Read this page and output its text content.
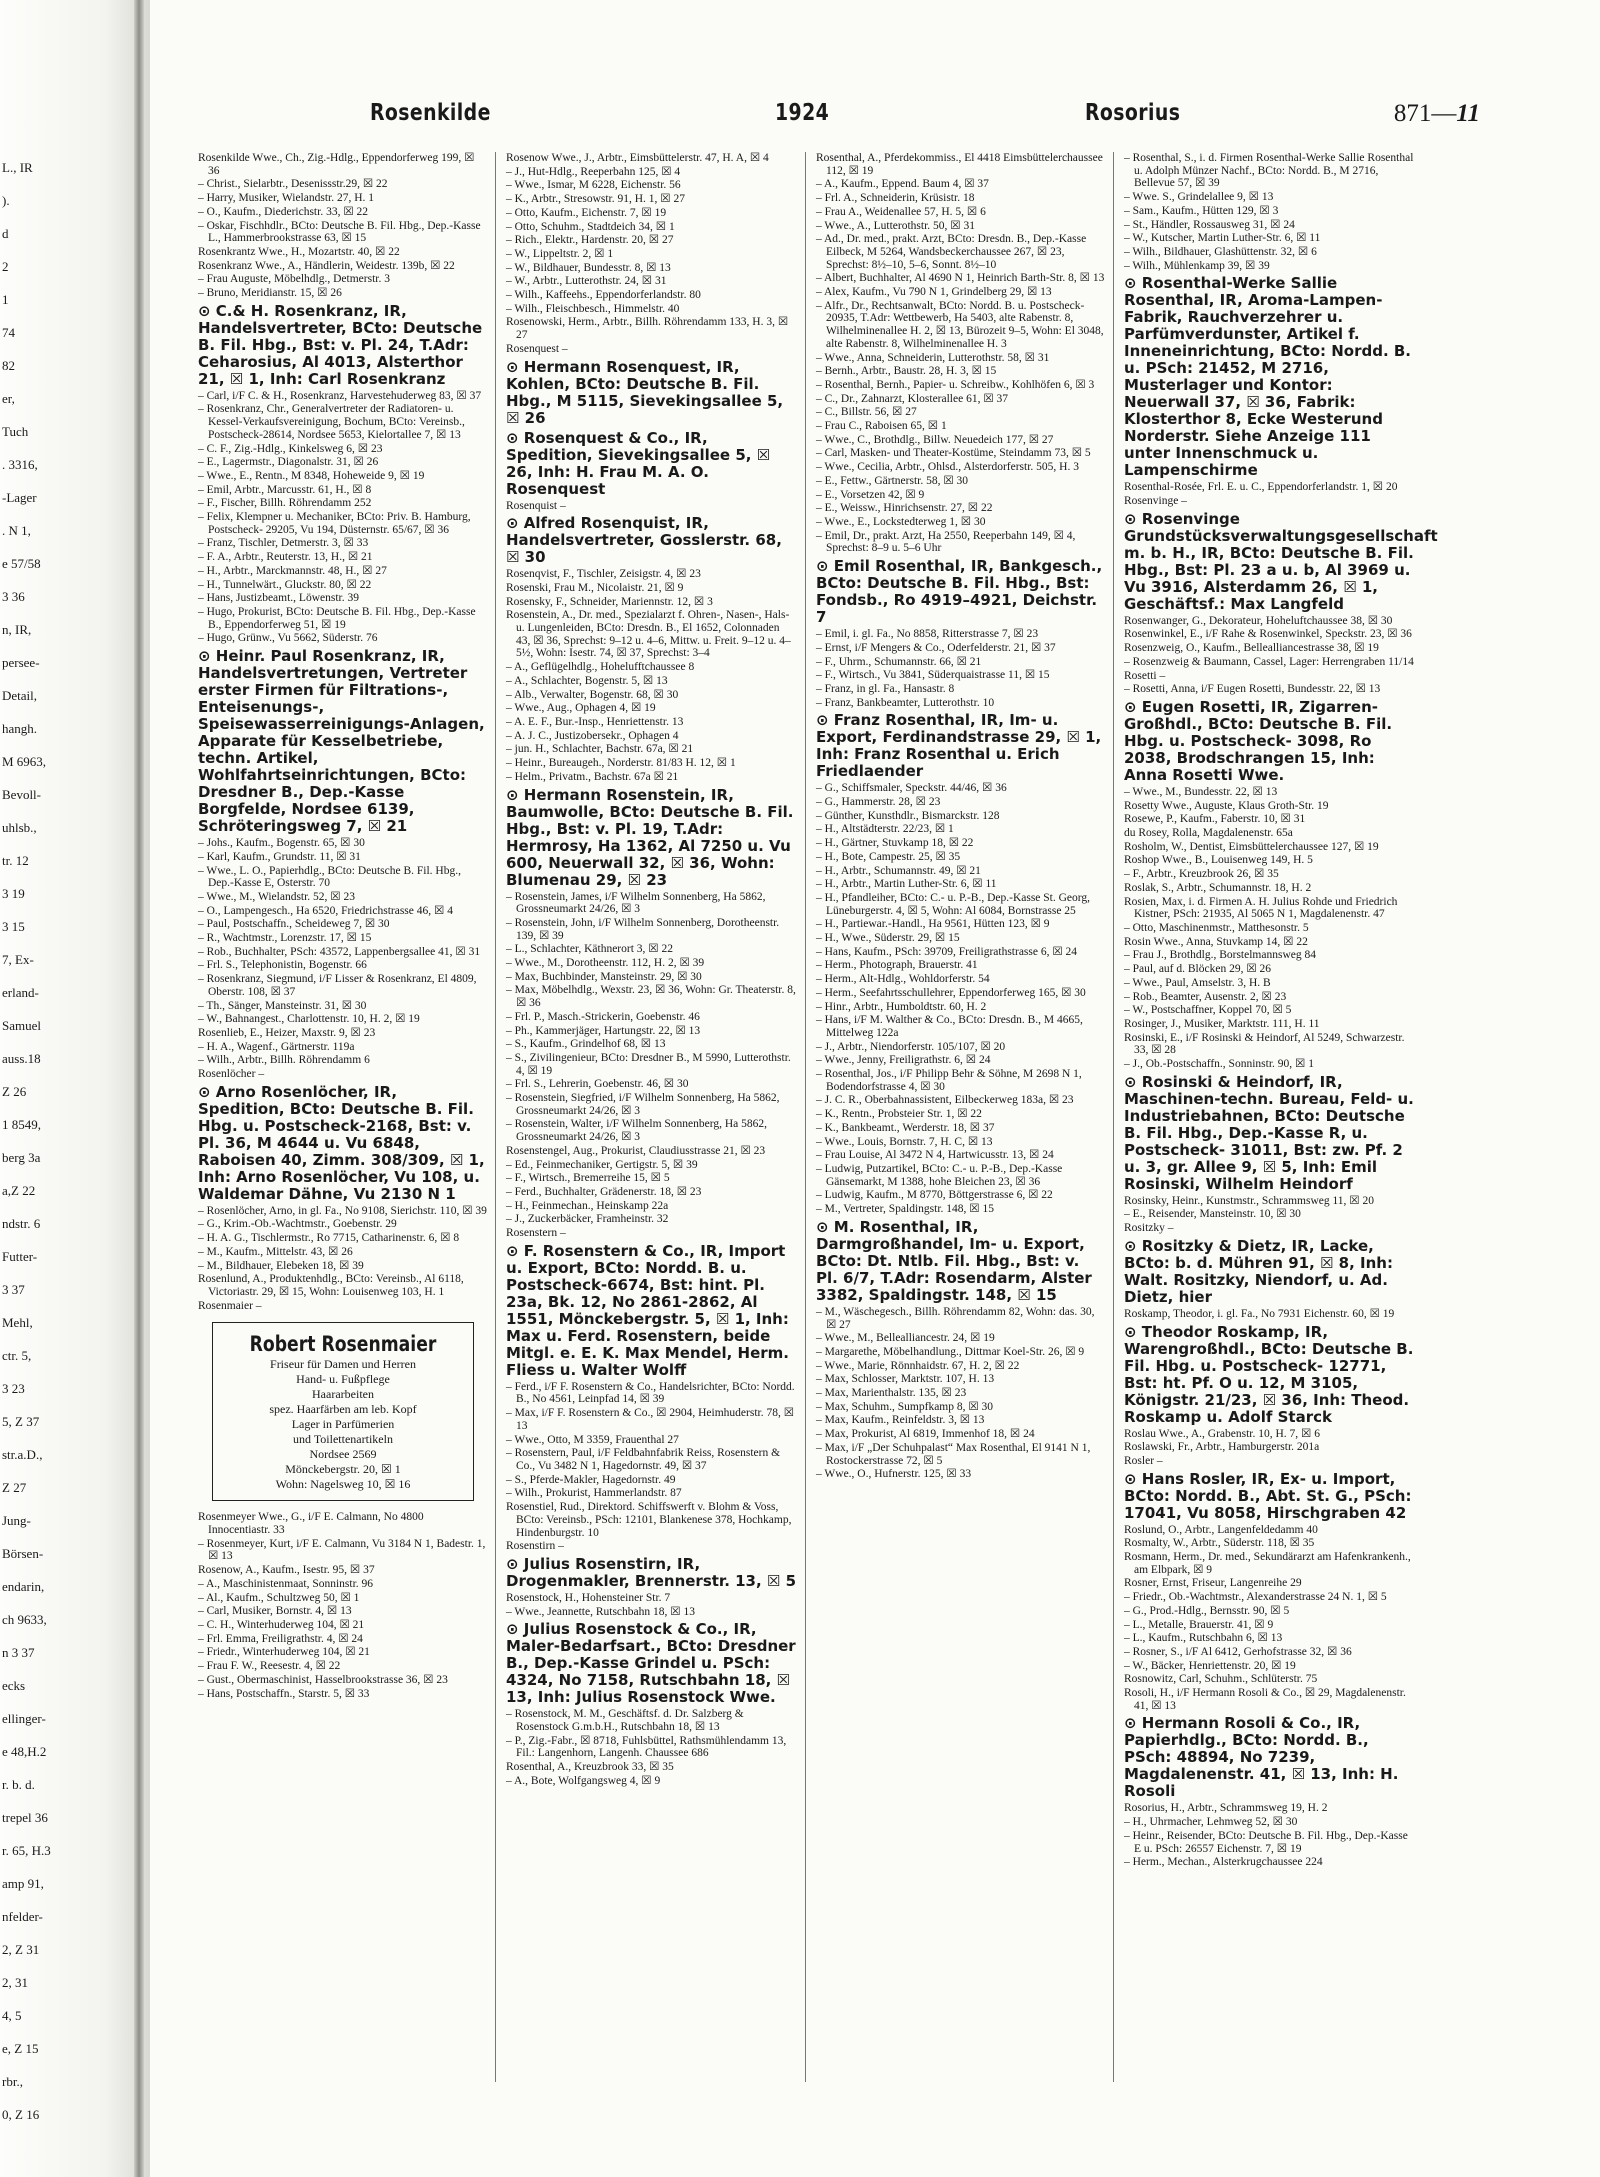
L., IR
).
d
2
1
74
82
er,
Tuch
. 3316,
-Lager
. N 1,
e 57/58
3 36
n, IR,
persee-
Detail,
hangh.
M 6963,
Bevoll-
uhlsb.,
tr. 12
3 19
3 15
7, Ex-
erland-
Samuel
auss.18
Z 26
1 8549,
berg 3a
a,Z 22
ndstr. 6
Futter-
3 37
Mehl,
ctr. 5,
3 23
5, Z 37
str.a.D.,
Z 27
Jung-
Börsen-
endarin,
ch 9633,
n 3 37
ecks
ellinger-
e 48,H.2
r. b. d.
trepel 36
r. 65, H.3
amp 91,
nfelder-
2, Z 31
2, 31
4, 5
e, Z 15
rbr.,
0, Z 16
Rosenkilde	1924	Rosorius	871—11
Rosenkilde Wwe., Ch., Zig.-Hdlg., Eppendorferweg 199, ☒ 36
– Christ., Sielarbtr., Desenissstr.29, ☒ 22
– Harry, Musiker, Wielandstr. 27, H. 1
– O., Kaufm., Diederichstr. 33, ☒ 22
– Oskar, Fischhdlr., BCto: Deutsche B. Fil. Hbg., Dep.-Kasse L., Hammerbrookstrasse 63, ☒ 15
Rosenkrantz Wwe., H., Mozartstr. 40, ☒ 22
Rosenkranz Wwe., A., Händlerin, Weidestr. 139b, ☒ 22
– Frau Auguste, Möbelhdlg., Detmerstr. 3
– Bruno, Meridianstr. 15, ☒ 26
⊙ C.& H. Rosenkranz, IR, Handelsvertreter, BCto: Deutsche B. Fil. Hbg., Bst: v. Pl. 24, T.Adr: Ceharosius, Al 4013, Alsterthor 21, ☒ 1, Inh: Carl Rosenkranz
– Carl, i/F C. & H., Rosenkranz, Harvestehuderweg 83, ☒ 37
– Rosenkranz, Chr., Generalvertreter der Radiatoren- u. Kessel-Verkaufsvereinigung, Bochum, BCto: Vereinsb., Postscheck-28614, Nordsee 5653, Kielortallee 7, ☒ 13
– C. F., Zig.-Hdlg., Kinkelsweg 6, ☒ 23
– E., Lagermstr., Diagonalstr. 31, ☒ 26
– Wwe., E., Rentn., M 8348, Hoheweide 9, ☒ 19
– Emil, Arbtr., Marcusstr. 61, H., ☒ 8
– F., Fischer, Billh. Röhrendamm 252
– Felix, Klempner u. Mechaniker, BCto: Priv. B. Hamburg, Postscheck- 29205, Vu 194, Düsternstr. 65/67, ☒ 36
– Franz, Tischler, Detmerstr. 3, ☒ 33
– F. A., Arbtr., Reuterstr. 13, H., ☒ 21
– H., Arbtr., Marckmannstr. 48, H., ☒ 27
– H., Tunnelwärt., Gluckstr. 80, ☒ 22
– Hans, Justizbeamt., Löwenstr. 39
– Hugo, Prokurist, BCto: Deutsche B. Fil. Hbg., Dep.-Kasse B., Eppendorferweg 51, ☒ 19
– Hugo, Grünw., Vu 5662, Süderstr. 76
⊙ Heinr. Paul Rosenkranz, IR, Handelsvertretungen, Vertreter erster Firmen für Filtrations-, Enteisenungs-, Speisewasserreinigungs-Anlagen, Apparate für Kesselbetriebe, techn. Artikel, Wohlfahrtseinrichtungen, BCto: Dresdner B., Dep.-Kasse Borgfelde, Nordsee 6139, Schröteringsweg 7, ☒ 21
– Johs., Kaufm., Bogenstr. 65, ☒ 30
– Karl, Kaufm., Grundstr. 11, ☒ 31
– Wwe., L. O., Papierhdlg., BCto: Deutsche B. Fil. Hbg., Dep.-Kasse E, Osterstr. 70
– Wwe., M., Wielandstr. 52, ☒ 23
– O., Lampengesch., Ha 6520, Friedrichstrasse 46, ☒ 4
– Paul, Postschaffn., Scheideweg 7, ☒ 30
– R., Wachtmstr., Lorenzstr. 17, ☒ 15
– Rob., Buchhalter, PSch: 43572, Lappenbergsallee 41, ☒ 31
– Frl. S., Telephonistin, Bogenstr. 66
– Rosenkranz, Siegmund, i/F Lisser & Rosenkranz, El 4809, Oberstr. 108, ☒ 37
– Th., Sänger, Mansteinstr. 31, ☒ 30
– W., Bahnangest., Charlottenstr. 10, H. 2, ☒ 19
Rosenlieb, E., Heizer, Maxstr. 9, ☒ 23
– H. A., Wagenf., Gärtnerstr. 119a
– Wilh., Arbtr., Billh. Röhrendamm 6
Rosenlöcher –
⊙ Arno Rosenlöcher, IR, Spedition, BCto: Deutsche B. Fil. Hbg. u. Postscheck-2168, Bst: v. Pl. 36, M 4644 u. Vu 6848, Raboisen 40, Zimm. 308/309, ☒ 1, Inh: Arno Rosenlöcher, Vu 108, u. Waldemar Dähne, Vu 2130 N 1
– Rosenlöcher, Arno, in gl. Fa., No 9108, Sierichstr. 110, ☒ 39
– G., Krim.-Ob.-Wachtmstr., Goebenstr. 29
– H. A. G., Tischlermstr., Ro 7715, Catharinenstr. 6, ☒ 8
– M., Kaufm., Mittelstr. 43, ☒ 26
– M., Bildhauer, Elebeken 18, ☒ 39
Rosenlund, A., Produktenhdlg., BCto: Vereinsb., Al 6118, Victoriastr. 29, ☒ 15, Wohn: Louisenweg 103, H. 1
Rosenmaier –
Robert Rosenmaier
Friseur für Damen und Herren
Hand- u. Fußpflege
Haararbeiten
spez. Haarfärben am leb. Kopf
Lager in Parfümerien
und Toilettenartikeln
Nordsee 2569
Mönckebergstr. 20, ☒ 1
Wohn: Nagelsweg 10, ☒ 16
Rosenmeyer Wwe., G., i/F E. Calmann, No 4800 Innocentiastr. 33
– Rosenmeyer, Kurt, i/F E. Calmann, Vu 3184 N 1, Badestr. 1, ☒ 13
Rosenow, A., Kaufm., Isestr. 95, ☒ 37
– A., Maschinistenmaat, Sonninstr. 96
– Al., Kaufm., Schultzweg 50, ☒ 1
– Carl, Musiker, Bornstr. 4, ☒ 13
– C. H., Winterhuderweg 104, ☒ 21
– Frl. Emma, Freiligrathstr. 4, ☒ 24
– Friedr., Winterhuderweg 104, ☒ 21
– Frau F. W., Reesestr. 4, ☒ 22
– Gust., Obermaschinist, Hasselbrookstrasse 36, ☒ 23
– Hans, Postschaffn., Starstr. 5, ☒ 33
Rosenow Wwe., J., Arbtr., Eimsbüttelerstr. 47, H. A, ☒ 4
– J., Hut-Hdlg., Reeperbahn 125, ☒ 4
– Wwe., Ismar, M 6228, Eichenstr. 56
– K., Arbtr., Stresowstr. 91, H. 1, ☒ 27
– Otto, Kaufm., Eichenstr. 7, ☒ 19
– Otto, Schuhm., Stadtdeich 34, ☒ 1
– Rich., Elektr., Hardenstr. 20, ☒ 27
– W., Lippeltstr. 2, ☒ 1
– W., Bildhauer, Bundesstr. 8, ☒ 13
– W., Arbtr., Lutterothstr. 24, ☒ 31
– Wilh., Kaffeehs., Eppendorferlandstr. 80
– Wilh., Fleischbesch., Himmelstr. 40
Rosenowski, Herm., Arbtr., Billh. Röhrendamm 133, H. 3, ☒ 27
Rosenquest –
⊙ Hermann Rosenquest, IR, Kohlen, BCto: Deutsche B. Fil. Hbg., M 5115, Sievekingsallee 5, ☒ 26
⊙ Rosenquest & Co., IR, Spedition, Sievekingsallee 5, ☒ 26, Inh: H. Frau M. A. O. Rosenquest
Rosenquist –
⊙ Alfred Rosenquist, IR, Handelsvertreter, Gosslerstr. 68, ☒ 30
Rosenqvist, F., Tischler, Zeisigstr. 4, ☒ 23
Rosenski, Frau M., Nicolaistr. 21, ☒ 9
Rosensky, F., Schneider, Mariennstr. 12, ☒ 3
Rosenstein, A., Dr. med., Spezialarzt f. Ohren-, Nasen-, Hals- u. Lungenleiden, BCto: Dresdn. B., El 1652, Colonnaden 43, ☒ 36, Sprechst: 9–12 u. 4–6, Mittw. u. Freit. 9–12 u. 4–5½, Wohn: Isestr. 74, ☒ 37, Sprechst: 3–4
– A., Geflügelhdlg., Hohelufftchaussee 8
– A., Schlachter, Bogenstr. 5, ☒ 13
– Alb., Verwalter, Bogenstr. 68, ☒ 30
– Wwe., Aug., Ophagen 4, ☒ 19
– A. E. F., Bur.-Insp., Henriettenstr. 13
– A. J. C., Justizobersekr., Ophagen 4
– jun. H., Schlachter, Bachstr. 67a, ☒ 21
– Heinr., Bureaugeh., Norderstr. 81/83 H. 12, ☒ 1
– Helm., Privatm., Bachstr. 67a ☒ 21
⊙ Hermann Rosenstein, IR, Baumwolle, BCto: Deutsche B. Fil. Hbg., Bst: v. Pl. 19, T.Adr: Hermrosy, Ha 1362, Al 7250 u. Vu 600, Neuerwall 32, ☒ 36, Wohn: Blumenau 29, ☒ 23
– Rosenstein, James, i/F Wilhelm Sonnenberg, Ha 5862, Grossneumarkt 24/26, ☒ 3
– Rosenstein, John, i/F Wilhelm Sonnenberg, Dorotheenstr. 139, ☒ 39
– L., Schlachter, Käthnerort 3, ☒ 22
– Wwe., M., Dorotheenstr. 112, H. 2, ☒ 39
– Max, Buchbinder, Mansteinstr. 29, ☒ 30
– Max, Möbelhdlg., Wexstr. 23, ☒ 36, Wohn: Gr. Theaterstr. 8, ☒ 36
– Frl. P., Masch.-Strickerin, Goebenstr. 46
– Ph., Kammerjäger, Hartungstr. 22, ☒ 13
– S., Kaufm., Grindelhof 68, ☒ 13
– S., Zivilingenieur, BCto: Dresdner B., M 5990, Lutterothstr. 4, ☒ 19
– Frl. S., Lehrerin, Goebenstr. 46, ☒ 30
– Rosenstein, Siegfried, i/F Wilhelm Sonnenberg, Ha 5862, Grossneumarkt 24/26, ☒ 3
– Rosenstein, Walter, i/F Wilhelm Sonnenberg, Ha 5862, Grossneumarkt 24/26, ☒ 3
Rosenstengel, Aug., Prokurist, Claudiusstrasse 21, ☒ 23
– Ed., Feinmechaniker, Gertigstr. 5, ☒ 39
– F., Wirtsch., Bremerreihe 15, ☒ 5
– Ferd., Buchhalter, Grädenerstr. 18, ☒ 23
– H., Feinmechan., Heinskamp 22a
– J., Zuckerbäcker, Framheinstr. 32
Rosenstern –
⊙ F. Rosenstern & Co., IR, Import u. Export, BCto: Nordd. B. u. Postscheck-6674, Bst: hint. Pl. 23a, Bk. 12, No 2861-2862, Al 1551, Mönckebergstr. 5, ☒ 1, Inh: Max u. Ferd. Rosenstern, beide Mitgl. e. E. K. Max Mendel, Herm. Fliess u. Walter Wolff
– Ferd., i/F F. Rosenstern & Co., Handelsrichter, BCto: Nordd. B., No 4561, Leinpfad 14, ☒ 39
– Max, i/F F. Rosenstern & Co., ☒ 2904, Heimhuderstr. 78, ☒ 13
– Wwe., Otto, M 3359, Frauenthal 27
– Rosenstern, Paul, i/F Feldbahnfabrik Reiss, Rosenstern & Co., Vu 3482 N 1, Hagedornstr. 49, ☒ 37
– S., Pferde-Makler, Hagedornstr. 49
– Wilh., Prokurist, Hammerlandstr. 87
Rosenstiel, Rud., Direktord. Schiffswerft v. Blohm & Voss, BCto: Vereinsb., PSch: 12101, Blankenese 378, Hochkamp, Hindenburgstr. 10
Rosenstirn –
⊙ Julius Rosenstirn, IR, Drogenmakler, Brennerstr. 13, ☒ 5
Rosenstock, H., Hohensteiner Str. 7
– Wwe., Jeannette, Rutschbahn 18, ☒ 13
⊙ Julius Rosenstock & Co., IR, Maler-Bedarfsart., BCto: Dresdner B., Dep.-Kasse Grindel u. PSch: 4324, No 7158, Rutschbahn 18, ☒ 13, Inh: Julius Rosenstock Wwe.
– Rosenstock, M. M., Geschäftsf. d. Dr. Salzberg & Rosenstock G.m.b.H., Rutschbahn 18, ☒ 13
– P., Zig.-Fabr., ☒ 8718, Fuhlsbüttel, Rathsmühlendamm 13, Fil.: Langenhorn, Langenh. Chaussee 686
Rosenthal, A., Kreuzbrook 33, ☒ 35
– A., Bote, Wolfgangsweg 4, ☒ 9
Rosenthal, A., Pferdekommiss., El 4418 Eimsbüttelerchaussee 112, ☒ 19
– A., Kaufm., Eppend. Baum 4, ☒ 37
– Frl. A., Schneiderin, Krüsistr. 18
– Frau A., Weidenallee 57, H. 5, ☒ 6
– Wwe., A., Lutterothstr. 50, ☒ 31
– Ad., Dr. med., prakt. Arzt, BCto: Dresdn. B., Dep.-Kasse Eilbeck, M 5264, Wandsbeckerchaussee 267, ☒ 23, Sprechst: 8½–10, 5–6, Sonnt. 8½–10
– Albert, Buchhalter, Al 4690 N 1, Heinrich Barth-Str. 8, ☒ 13
– Alex, Kaufm., Vu 790 N 1, Grindelberg 29, ☒ 13
– Alfr., Dr., Rechtsanwalt, BCto: Nordd. B. u. Postscheck- 20935, T.Adr: Wettbewerb, Ha 5403, alte Rabenstr. 8, Wilhelminenallee H. 2, ☒ 13, Bürozeit 9–5, Wohn: El 3048, alte Rabenstr. 8, Wilhelminenallee H. 3
– Wwe., Anna, Schneiderin, Lutterothstr. 58, ☒ 31
– Bernh., Arbtr., Baustr. 28, H. 3, ☒ 15
– Rosenthal, Bernh., Papier- u. Schreibw., Kohlhöfen 6, ☒ 3
– C., Dr., Zahnarzt, Klosterallee 61, ☒ 37
– C., Billstr. 56, ☒ 27
– Frau C., Raboisen 65, ☒ 1
– Wwe., C., Brothdlg., Billw. Neuedeich 177, ☒ 27
– Carl, Masken- und Theater-Kostüme, Steindamm 73, ☒ 5
– Wwe., Cecilia, Arbtr., Ohlsd., Alsterdorferstr. 505, H. 3
– E., Fettw., Gärtnerstr. 58, ☒ 30
– E., Vorsetzen 42, ☒ 9
– E., Weissw., Hinrichsenstr. 27, ☒ 22
– Wwe., E., Lockstedterweg 1, ☒ 30
– Emil, Dr., prakt. Arzt, Ha 2550, Reeperbahn 149, ☒ 4, Sprechst: 8–9 u. 5–6 Uhr
⊙ Emil Rosenthal, IR, Bankgesch., BCto: Deutsche B. Fil. Hbg., Bst: Fondsb., Ro 4919–4921, Deichstr. 7
– Emil, i. gl. Fa., No 8858, Ritterstrasse 7, ☒ 23
– Ernst, i/F Mengers & Co., Oderfelderstr. 21, ☒ 37
– F., Uhrm., Schumannstr. 66, ☒ 21
– F., Wirtsch., Vu 3841, Süderquaistrasse 11, ☒ 15
– Franz, in gl. Fa., Hansastr. 8
– Franz, Bankbeamter, Lutterothstr. 10
⊙ Franz Rosenthal, IR, Im- u. Export, Ferdinandstrasse 29, ☒ 1, Inh: Franz Rosenthal u. Erich Friedlaender
– G., Schiffsmaler, Speckstr. 44/46, ☒ 36
– G., Hammerstr. 28, ☒ 23
– Günther, Kunsthdlr., Bismarckstr. 128
– H., Altstädterstr. 22/23, ☒ 1
– H., Gärtner, Stuvkamp 18, ☒ 22
– H., Bote, Campestr. 25, ☒ 35
– H., Arbtr., Schumannstr. 49, ☒ 21
– H., Arbtr., Martin Luther-Str. 6, ☒ 11
– H., Pfandleiher, BCto: C.- u. P.-B., Dep.-Kasse St. Georg, Lüneburgerstr. 4, ☒ 5, Wohn: Al 6084, Bornstrasse 25
– H., Partiewar.-Handl., Ha 9561, Hütten 123, ☒ 9
– H., Wwe., Süderstr. 29, ☒ 15
– Hans, Kaufm., PSch: 39709, Freiligrathstrasse 6, ☒ 24
– Herm., Photograph, Brauerstr. 41
– Herm., Alt-Hdlg., Wohldorferstr. 54
– Herm., Seefahrtsschullehrer, Eppendorferweg 165, ☒ 30
– Hinr., Arbtr., Humboldtstr. 60, H. 2
– Hans, i/F M. Walther & Co., BCto: Dresdn. B., M 4665, Mittelweg 122a
– J., Arbtr., Niendorferstr. 105/107, ☒ 20
– Wwe., Jenny, Freiligrathstr. 6, ☒ 24
– Rosenthal, Jos., i/F Philipp Behr & Söhne, M 2698 N 1, Bodendorfstrasse 4, ☒ 30
– J. C. R., Oberbahnassistent, Eilbeckerweg 183a, ☒ 23
– K., Rentn., Probsteier Str. 1, ☒ 22
– K., Bankbeamt., Werderstr. 18, ☒ 37
– Wwe., Louis, Bornstr. 7, H. C, ☒ 13
– Frau Louise, Al 3472 N 4, Hartwicusstr. 13, ☒ 24
– Ludwig, Putzartikel, BCto: C.- u. P.-B., Dep.-Kasse Gänsemarkt, M 1388, hohe Bleichen 23, ☒ 36
– Ludwig, Kaufm., M 8770, Böttgerstrasse 6, ☒ 22
– M., Vertreter, Spaldingstr. 148, ☒ 15
⊙ M. Rosenthal, IR, Darmgroßhandel, Im- u. Export, BCto: Dt. Ntlb. Fil. Hbg., Bst: v. Pl. 6/7, T.Adr: Rosendarm, Alster 3382, Spaldingstr. 148, ☒ 15
– M., Wäschegesch., Billh. Röhrendamm 82, Wohn: das. 30, ☒ 27
– Wwe., M., Bellealliancestr. 24, ☒ 19
– Margarethe, Möbelhandlung., Dittmar Koel-Str. 26, ☒ 9
– Wwe., Marie, Rönnhaidstr. 67, H. 2, ☒ 22
– Max, Schlosser, Marktstr. 107, H. 13
– Max, Marienthalstr. 135, ☒ 23
– Max, Schuhm., Sumpfkamp 8, ☒ 30
– Max, Kaufm., Reinfeldstr. 3, ☒ 13
– Max, Prokurist, Al 6819, Immenhof 18, ☒ 24
– Max, i/F „Der Schuhpalast“ Max Rosenthal, El 9141 N 1, Rostockerstrasse 72, ☒ 5
– Wwe., O., Hufnerstr. 125, ☒ 33
– Rosenthal, S., i. d. Firmen Rosenthal-Werke Sallie Rosenthal u. Adolph Münzer Nachf., BCto: Nordd. B., M 2716, Bellevue 57, ☒ 39
– Wwe. S., Grindelallee 9, ☒ 13
– Sam., Kaufm., Hütten 129, ☒ 3
– St., Händler, Rossausweg 31, ☒ 24
– W., Kutscher, Martin Luther-Str. 6, ☒ 11
– Wilh., Bildhauer, Glashüttenstr. 32, ☒ 6
– Wilh., Mühlenkamp 39, ☒ 39
⊙ Rosenthal-Werke Sallie Rosenthal, IR, Aroma-Lampen-Fabrik, Rauchverzehrer u. Parfümverdunster, Artikel f. Inneneinrichtung, BCto: Nordd. B. u. PSch: 21452, M 2716, Musterlager und Kontor: Neuerwall 37, ☒ 36, Fabrik: Klosterthor 8, Ecke Westerund Norderstr. Siehe Anzeige 111 unter Innenschmuck u. Lampenschirme
Rosenthal-Rosée, Frl. E. u. C., Eppendorferlandstr. 1, ☒ 20
Rosenvinge –
⊙ Rosenvinge Grundstücksverwaltungsgesellschaft m. b. H., IR, BCto: Deutsche B. Fil. Hbg., Bst: Pl. 23 a u. b, Al 3969 u. Vu 3916, Alsterdamm 26, ☒ 1, Geschäftsf.: Max Langfeld
Rosenwanger, G., Dekorateur, Hoheluftchaussee 38, ☒ 30
Rosenwinkel, E., i/F Rahe & Rosenwinkel, Speckstr. 23, ☒ 36
Rosenzweig, O., Kaufm., Bellealliancestrasse 38, ☒ 19
– Rosenzweig & Baumann, Cassel, Lager: Herrengraben 11/14
Rosetti –
– Rosetti, Anna, i/F Eugen Rosetti, Bundesstr. 22, ☒ 13
⊙ Eugen Rosetti, IR, Zigarren-Großhdl., BCto: Deutsche B. Fil. Hbg. u. Postscheck- 3098, Ro 2038, Brodschrangen 15, Inh: Anna Rosetti Wwe.
– Wwe., M., Bundesstr. 22, ☒ 13
Rosetty Wwe., Auguste, Klaus Groth-Str. 19
Rosewe, P., Kaufm., Faberstr. 10, ☒ 31
du Rosey, Rolla, Magdalenenstr. 65a
Rosholm, W., Dentist, Eimsbüttelerchaussee 127, ☒ 19
Roshop Wwe., B., Louisenweg 149, H. 5
– F., Arbtr., Kreuzbrook 26, ☒ 35
Roslak, S., Arbtr., Schumannstr. 18, H. 2
Rosien, Max, i. d. Firmen A. H. Julius Rohde und Friedrich Kistner, PSch: 21935, Al 5065 N 1, Magdalenenstr. 47
– Otto, Maschinenmstr., Matthesonstr. 5
Rosin Wwe., Anna, Stuvkamp 14, ☒ 22
– Frau J., Brothdlg., Borstelmannsweg 84
– Paul, auf d. Blöcken 29, ☒ 26
– Wwe., Paul, Amselstr. 3, H. B
– Rob., Beamter, Ausenstr. 2, ☒ 23
– W., Postschaffner, Koppel 70, ☒ 5
Rosinger, J., Musiker, Marktstr. 111, H. 11
Rosinski, E., i/F Rosinski & Heindorf, Al 5249, Schwarzestr. 33, ☒ 28
– J., Ob.-Postschaffn., Sonninstr. 90, ☒ 1
⊙ Rosinski & Heindorf, IR, Maschinen-techn. Bureau, Feld- u. Industriebahnen, BCto: Deutsche B. Fil. Hbg., Dep.-Kasse R, u. Postscheck- 31011, Bst: zw. Pf. 2 u. 3, gr. Allee 9, ☒ 5, Inh: Emil Rosinski, Wilhelm Heindorf
Rosinsky, Heinr., Kunstmstr., Schrammsweg 11, ☒ 20
– E., Reisender, Mansteinstr. 10, ☒ 30
Rositzky –
⊙ Rositzky & Dietz, IR, Lacke, BCto: b. d. Mühren 91, ☒ 8, Inh: Walt. Rositzky, Niendorf, u. Ad. Dietz, hier
Roskamp, Theodor, i. gl. Fa., No 7931 Eichenstr. 60, ☒ 19
⊙ Theodor Roskamp, IR, Warengroßhdl., BCto: Deutsche B. Fil. Hbg. u. Postscheck- 12771, Bst: ht. Pf. O u. 12, M 3105, Königstr. 21/23, ☒ 36, Inh: Theod. Roskamp u. Adolf Starck
Roslau Wwe., A., Grabenstr. 10, H. 7, ☒ 6
Roslawski, Fr., Arbtr., Hamburgerstr. 201a
Rosler –
⊙ Hans Rosler, IR, Ex- u. Import, BCto: Nordd. B., Abt. St. G., PSch: 17041, Vu 8058, Hirschgraben 42
Roslund, O., Arbtr., Langenfeldedamm 40
Rosmalty, W., Arbtr., Süderstr. 118, ☒ 35
Rosmann, Herm., Dr. med., Sekundärarzt am Hafenkrankenh., am Elbpark, ☒ 9
Rosner, Ernst, Friseur, Langenreihe 29
– Friedr., Ob.-Wachtmstr., Alexanderstrasse 24 N. 1, ☒ 5
– G., Prod.-Hdlg., Bernsstr. 90, ☒ 5
– L., Metalle, Brauerstr. 41, ☒ 9
– L., Kaufm., Rutschbahn 6, ☒ 13
– Rosner, S., i/F Al 6412, Gerhofstrasse 32, ☒ 36
– W., Bäcker, Henriettenstr. 20, ☒ 19
Rosnowitz, Carl, Schuhm., Schlüterstr. 75
Rosoli, H., i/F Hermann Rosoli & Co., ☒ 29, Magdalenenstr. 41, ☒ 13
⊙ Hermann Rosoli & Co., IR, Papierhdlg., BCto: Nordd. B., PSch: 48894, No 7239, Magdalenenstr. 41, ☒ 13, Inh: H. Rosoli
Rosorius, H., Arbtr., Schrammsweg 19, H. 2
– H., Uhrmacher, Lehmweg 52, ☒ 30
– Heinr., Reisender, BCto: Deutsche B. Fil. Hbg., Dep.-Kasse E u. PSch: 26557 Eichenstr. 7, ☒ 19
– Herm., Mechan., Alsterkrugchaussee 224
